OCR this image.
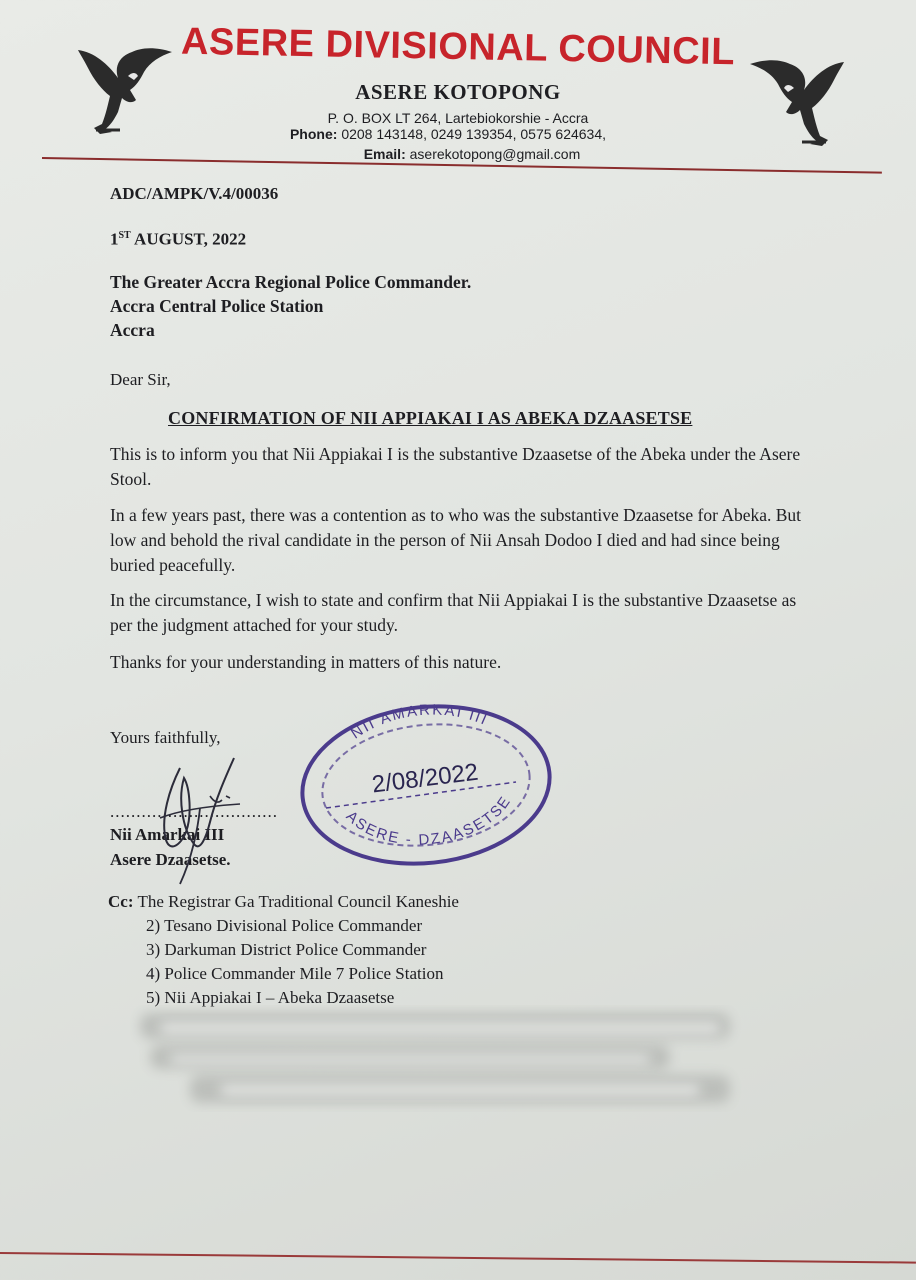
ASERE DIVISIONAL COUNCIL
ASERE KOTOPONG
P. O. BOX LT 264, Lartebiokorshie - Accra
Phone: 0208 143148, 0249 139354, 0575 624634,
Email: aserekotopong@gmail.com
ADC/AMPK/V.4/00036
1ST AUGUST, 2022
The Greater Accra Regional Police Commander.
Accra Central Police Station
Accra
Dear Sir,
CONFIRMATION OF NII APPIAKAI I AS ABEKA DZAASETSE
This is to inform you that Nii Appiakai I is the substantive Dzaasetse of the Abeka under the Asere Stool.
In a few years past, there was a contention as to who was the substantive Dzaasetse for Abeka. But low and behold the rival candidate in the person of Nii Ansah Dodoo I died and had since being buried peacefully.
In the circumstance, I wish to state and confirm that Nii Appiakai I is the substantive Dzaasetse as per the judgment attached for your study.
Thanks for your understanding in matters of this nature.
Yours faithfully,
................................
Nii Amarkai III
Asere Dzaasetse.
NII AMARKAI III
ASERE - DZAASETSE
2/08/2022
Cc: The Registrar Ga Traditional Council Kaneshie
2) Tesano Divisional Police Commander
3) Darkuman District Police Commander
4) Police Commander Mile 7 Police Station
5) Nii Appiakai I – Abeka Dzaasetse
